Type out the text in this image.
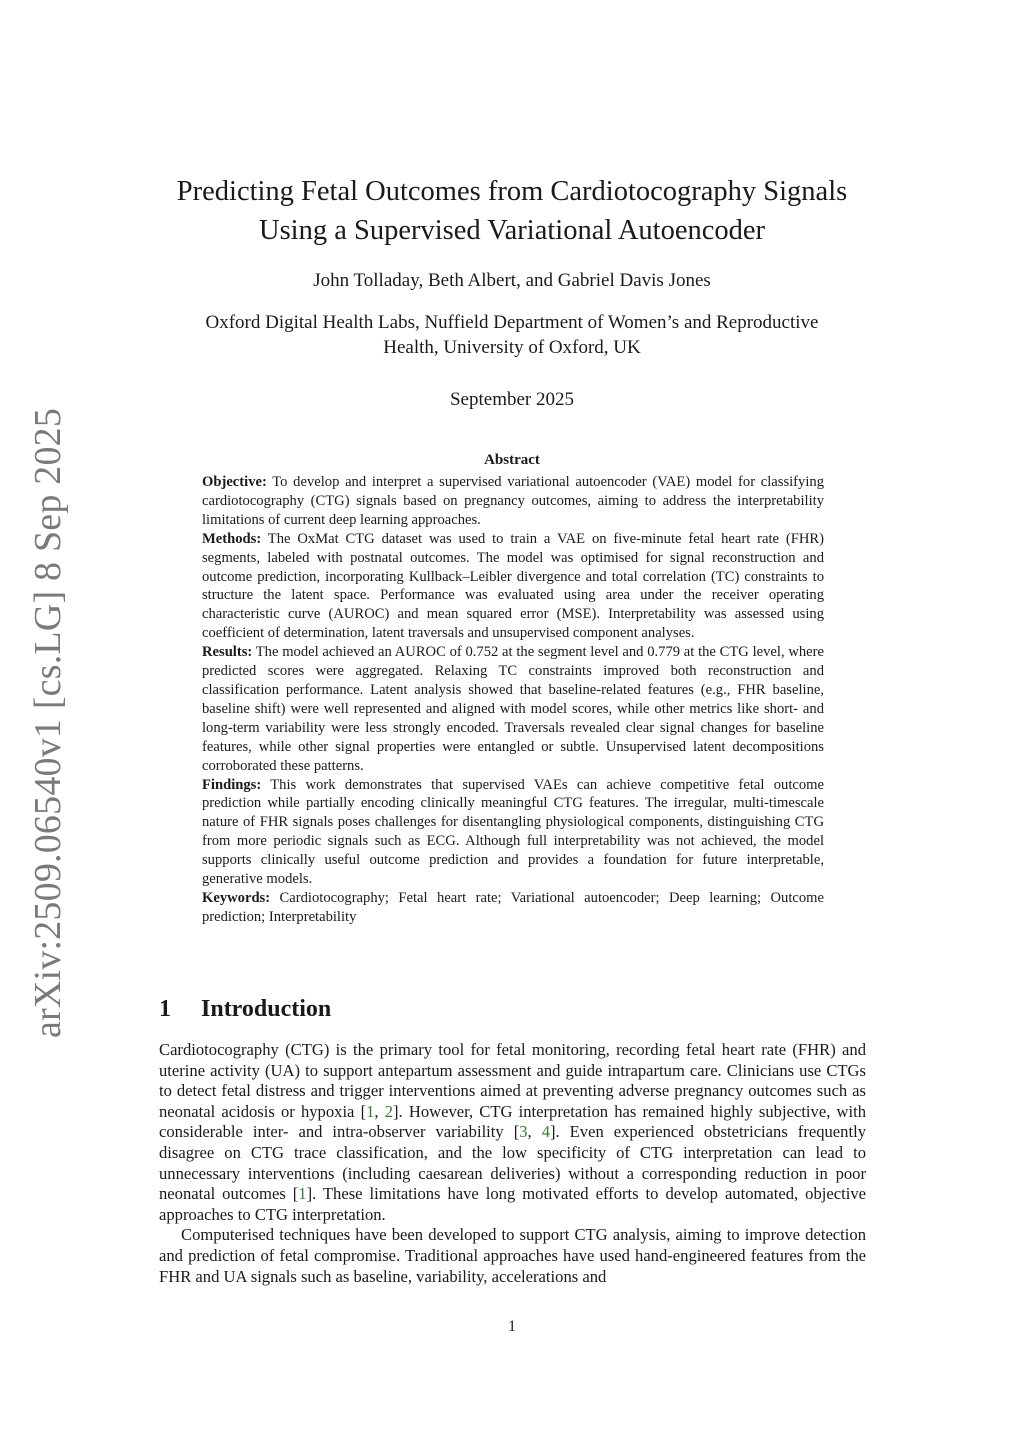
arXiv:2509.06540v1 [cs.LG] 8 Sep 2025
Predicting Fetal Outcomes from Cardiotocography Signals
Using a Supervised Variational Autoencoder
John Tolladay, Beth Albert, and Gabriel Davis Jones
Oxford Digital Health Labs, Nuffield Department of Women’s and Reproductive
Health, University of Oxford, UK
September 2025
Abstract

Objective: To develop and interpret a supervised variational autoencoder (VAE) model for classifying cardiotocography (CTG) signals based on pregnancy outcomes, aiming to address the interpretability limitations of current deep learning approaches.

Methods: The OxMat CTG dataset was used to train a VAE on five-minute fetal heart rate (FHR) segments, labeled with postnatal outcomes. The model was optimised for signal reconstruction and outcome prediction, incorporating Kullback–Leibler divergence and total correlation (TC) constraints to structure the latent space. Performance was evaluated using area under the receiver operating characteristic curve (AUROC) and mean squared error (MSE). Interpretability was assessed using coefficient of determination, latent traversals and unsupervised component analyses.

Results: The model achieved an AUROC of 0.752 at the segment level and 0.779 at the CTG level, where predicted scores were aggregated. Relaxing TC constraints improved both reconstruction and classification performance. Latent analysis showed that baseline-related features (e.g., FHR baseline, baseline shift) were well represented and aligned with model scores, while other metrics like short- and long-term variability were less strongly encoded. Traversals revealed clear signal changes for baseline features, while other signal properties were entangled or subtle. Unsupervised latent decompositions corroborated these patterns.

Findings: This work demonstrates that supervised VAEs can achieve competitive fetal outcome prediction while partially encoding clinically meaningful CTG features. The irregular, multi-timescale nature of FHR signals poses challenges for disentangling physiological components, distinguishing CTG from more periodic signals such as ECG. Although full interpretability was not achieved, the model supports clinically useful outcome prediction and provides a foundation for future interpretable, generative models.

Keywords: Cardiotocography; Fetal heart rate; Variational autoencoder; Deep learning; Outcome prediction; Interpretability

1 Introduction

Cardiotocography (CTG) is the primary tool for fetal monitoring, recording fetal heart rate (FHR) and uterine activity (UA) to support antepartum assessment and guide intrapartum care. Clinicians use CTGs to detect fetal distress and trigger interventions aimed at preventing adverse pregnancy outcomes such as neonatal acidosis or hypoxia [1, 2]. However, CTG interpretation has remained highly subjective, with considerable inter- and intra-observer variability [3, 4]. Even experienced obstetricians frequently disagree on CTG trace classification, and the low specificity of CTG interpretation can lead to unnecessary interventions (including caesarean deliveries) without a corresponding reduction in poor neonatal outcomes [1]. These limitations have long motivated efforts to develop automated, objective approaches to CTG interpretation.

Computerised techniques have been developed to support CTG analysis, aiming to improve detection and prediction of fetal compromise. Traditional approaches have used hand-engineered features from the FHR and UA signals such as baseline, variability, accelerations and

1
